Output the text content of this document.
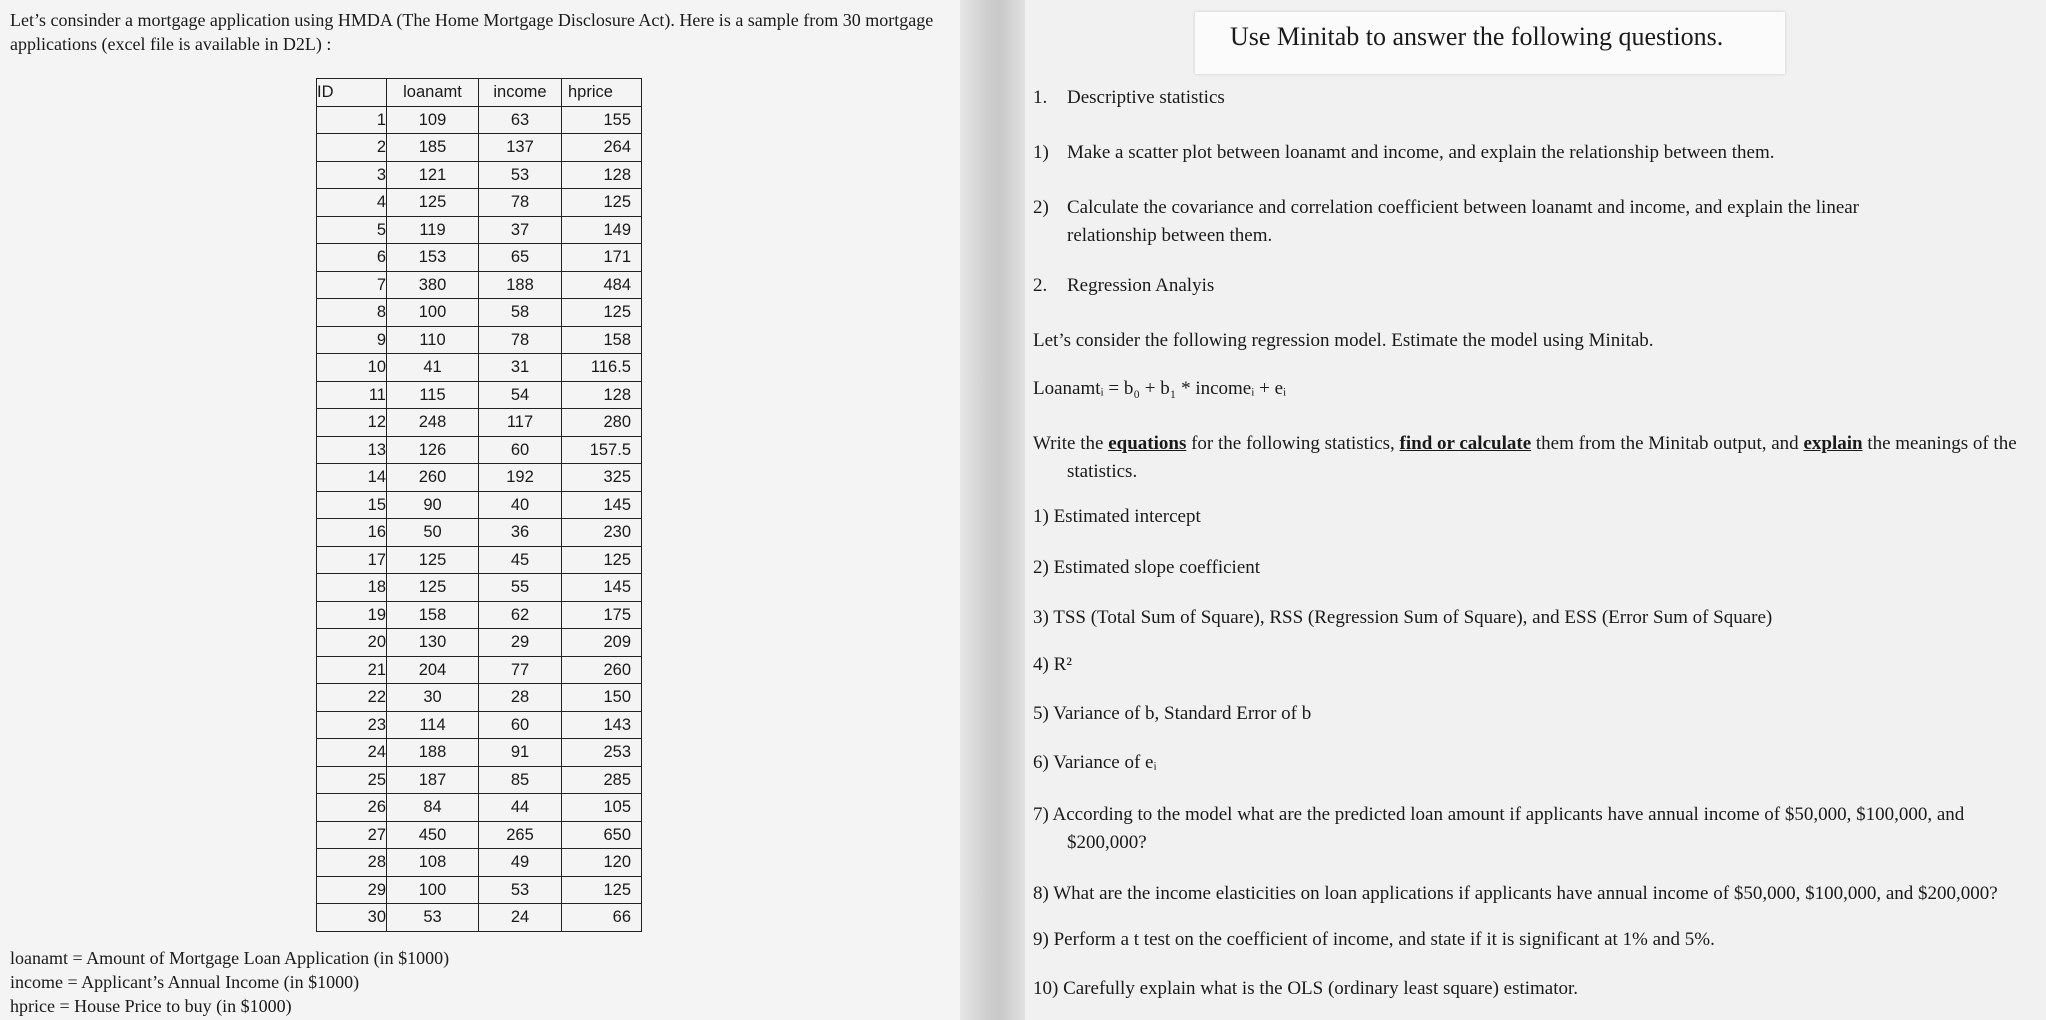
Let’s consinder a mortgage application using HMDA (The Home Mortgage Disclosure Act). Here is a sample from 30 mortgage applications (excel file is available in D2L) :
ID	loanamt	income	hprice
1	109	63	155
2	185	137	264
3	121	53	128
4	125	78	125
5	119	37	149
6	153	65	171
7	380	188	484
8	100	58	125
9	110	78	158
10	41	31	116.5
11	115	54	128
12	248	117	280
13	126	60	157.5
14	260	192	325
15	90	40	145
16	50	36	230
17	125	45	125
18	125	55	145
19	158	62	175
20	130	29	209
21	204	77	260
22	30	28	150
23	114	60	143
24	188	91	253
25	187	85	285
26	84	44	105
27	450	265	650
28	108	49	120
29	100	53	125
30	53	24	66
loanamt = Amount of Mortgage Loan Application (in $1000)
income = Applicant’s Annual Income (in $1000)
hprice = House Price to buy (in $1000)
Use Minitab to answer the following questions.
1. Descriptive statistics
1) Make a scatter plot between loanamt and income, and explain the relationship between them.
2) Calculate the covariance and correlation coefficient between loanamt and income, and explain the linear
relationship between them.
2. Regression Analyis
Let’s consider the following regression model. Estimate the model using Minitab.
Loanamtᵢ = b₀ + b₁ * incomeᵢ + eᵢ
Write the equations for the following statistics, find or calculate them from the Minitab output, and explain the meanings of the
statistics.
1) Estimated intercept
2) Estimated slope coefficient
3) TSS (Total Sum of Square), RSS (Regression Sum of Square), and ESS (Error Sum of Square)
4) R²
5) Variance of b, Standard Error of b
6) Variance of eᵢ
7) According to the model what are the predicted loan amount if applicants have annual income of $50,000, $100,000, and
$200,000?
8) What are the income elasticities on loan applications if applicants have annual income of $50,000, $100,000, and $200,000?
9) Perform a t test on the coefficient of income, and state if it is significant at 1% and 5%.
10) Carefully explain what is the OLS (ordinary least square) estimator.
